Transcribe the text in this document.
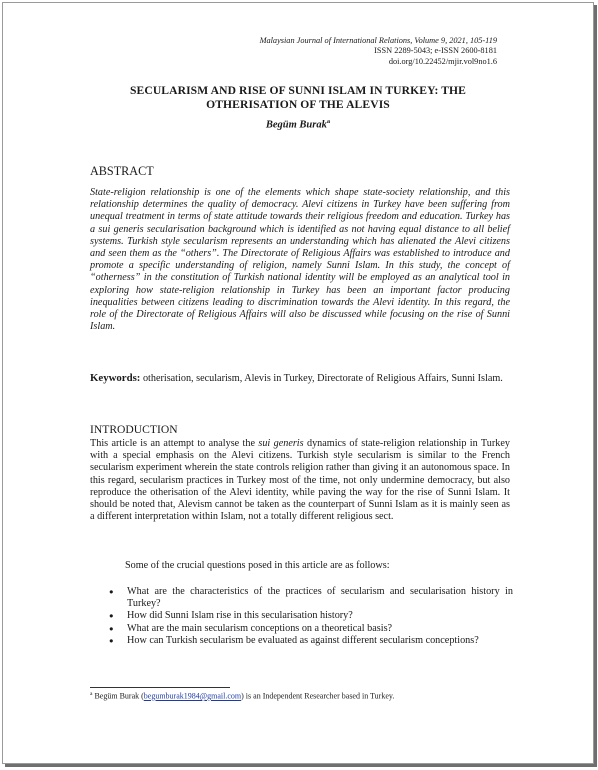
Malaysian Journal of International Relations, Volume 9, 2021, 105-119
ISSN 2289-5043; e-ISSN 2600-8181
doi.org/10.22452/mjir.vol9no1.6
SECULARISM AND RISE OF SUNNI ISLAM IN TURKEY: THE
OTHERISATION OF THE ALEVIS
Begüm Burak$^a$
ABSTRACT

State-religion relationship is one of the elements which shape state-society relationship, and this relationship determines the quality of democracy. Alevi citizens in Turkey have been suffering from unequal treatment in terms of state attitude towards their religious freedom and education. Turkey has a sui generis secularisation background which is identified as not having equal distance to all belief systems. Turkish style secularism represents an understanding which has alienated the Alevi citizens and seen them as the “others”. The Directorate of Religious Affairs was established to introduce and promote a specific understanding of religion, namely Sunni Islam. In this study, the concept of “otherness” in the constitution of Turkish national identity will be employed as an analytical tool in exploring how state-religion relationship in Turkey has been an important factor producing inequalities between citizens leading to discrimination towards the Alevi identity. In this regard, the role of the Directorate of Religious Affairs will also be discussed while focusing on the rise of Sunni Islam.

Keywords: otherisation, secularism, Alevis in Turkey, Directorate of Religious Affairs, Sunni Islam.

INTRODUCTION

This article is an attempt to analyse the sui generis dynamics of state-religion relationship in Turkey with a special emphasis on the Alevi citizens. Turkish style secularism is similar to the French secularism experiment wherein the state controls religion rather than giving it an autonomous space. In this regard, secularism practices in Turkey most of the time, not only undermine democracy, but also reproduce the otherisation of the Alevi identity, while paving the way for the rise of Sunni Islam. It should be noted that, Alevism cannot be taken as the counterpart of Sunni Islam as it is mainly seen as a different interpretation within Islam, not a totally different religious sect.

Some of the crucial questions posed in this article are as follows:

● What are the characteristics of the practices of secularism and secularisation history in Turkey?
● How did Sunni Islam rise in this secularisation history?
● What are the main secularism conceptions on a theoretical basis?
● How can Turkish secularism be evaluated as against different secularism conceptions?
$^a$ Begüm Burak (begumburak1984@gmail.com) is an Independent Researcher based in Turkey.
